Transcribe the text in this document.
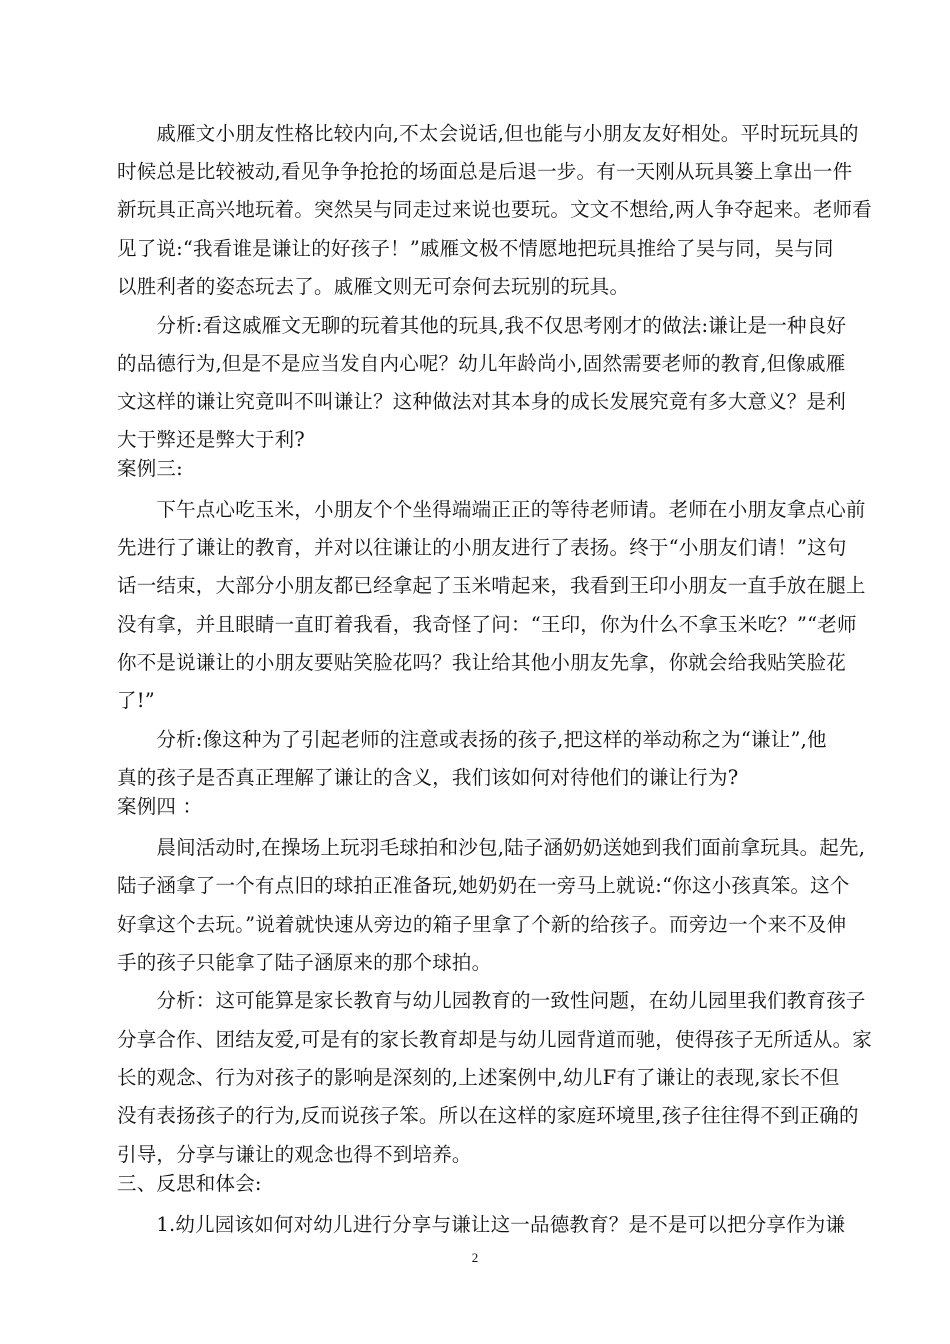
　　戚雁文小朋友性格比较内向,不太会说话,但也能与小朋友友好相处。平时玩玩具的
时候总是比较被动,看见争争抢抢的场面总是后退一步。有一天刚从玩具篓上拿出一件
新玩具正高兴地玩着。突然吴与同走过来说也要玩。文文不想给,两人争夺起来。老师看
见了说:“我看谁是谦让的好孩子！”戚雁文极不情愿地把玩具推给了吴与同，吴与同
以胜利者的姿态玩去了。戚雁文则无可奈何去玩别的玩具。
　　分析:看这戚雁文无聊的玩着其他的玩具,我不仅思考刚才的做法:谦让是一种良好
的品德行为,但是不是应当发自内心呢？幼儿年龄尚小,固然需要老师的教育,但像戚雁
文这样的谦让究竟叫不叫谦让？这种做法对其本身的成长发展究竟有多大意义？是利
大于弊还是弊大于利?
案例三:
　　下午点心吃玉米，小朋友个个坐得端端正正的等待老师请。老师在小朋友拿点心前
先进行了谦让的教育，并对以往谦让的小朋友进行了表扬。终于“小朋友们请！”这句
话一结束，大部分小朋友都已经拿起了玉米啃起来，我看到王印小朋友一直手放在腿上
没有拿，并且眼睛一直盯着我看，我奇怪了问：“王印，你为什么不拿玉米吃？”“老师
你不是说谦让的小朋友要贴笑脸花吗？我让给其他小朋友先拿，你就会给我贴笑脸花
了!”
　　分析:像这种为了引起老师的注意或表扬的孩子,把这样的举动称之为“谦让”,他
真的孩子是否真正理解了谦让的含义，我们该如何对待他们的谦让行为?
案例四 ：
　　晨间活动时,在操场上玩羽毛球拍和沙包,陆子涵奶奶送她到我们面前拿玩具。起先,
陆子涵拿了一个有点旧的球拍正准备玩,她奶奶在一旁马上就说:“你这小孩真笨。这个
好拿这个去玩。”说着就快速从旁边的箱子里拿了个新的给孩子。而旁边一个来不及伸
手的孩子只能拿了陆子涵原来的那个球拍。
　　分析：这可能算是家长教育与幼儿园教育的一致性问题，在幼儿园里我们教育孩子
分享合作、团结友爱,可是有的家长教育却是与幼儿园背道而驰，使得孩子无所适从。家
长的观念、行为对孩子的影响是深刻的,上述案例中,幼儿F有了谦让的表现,家长不但
没有表扬孩子的行为,反而说孩子笨。所以在这样的家庭环境里,孩子往往得不到正确的
引导，分享与谦让的观念也得不到培养。
三、反思和体会:
　　1.幼儿园该如何对幼儿进行分享与谦让这一品德教育？是不是可以把分享作为谦
2
